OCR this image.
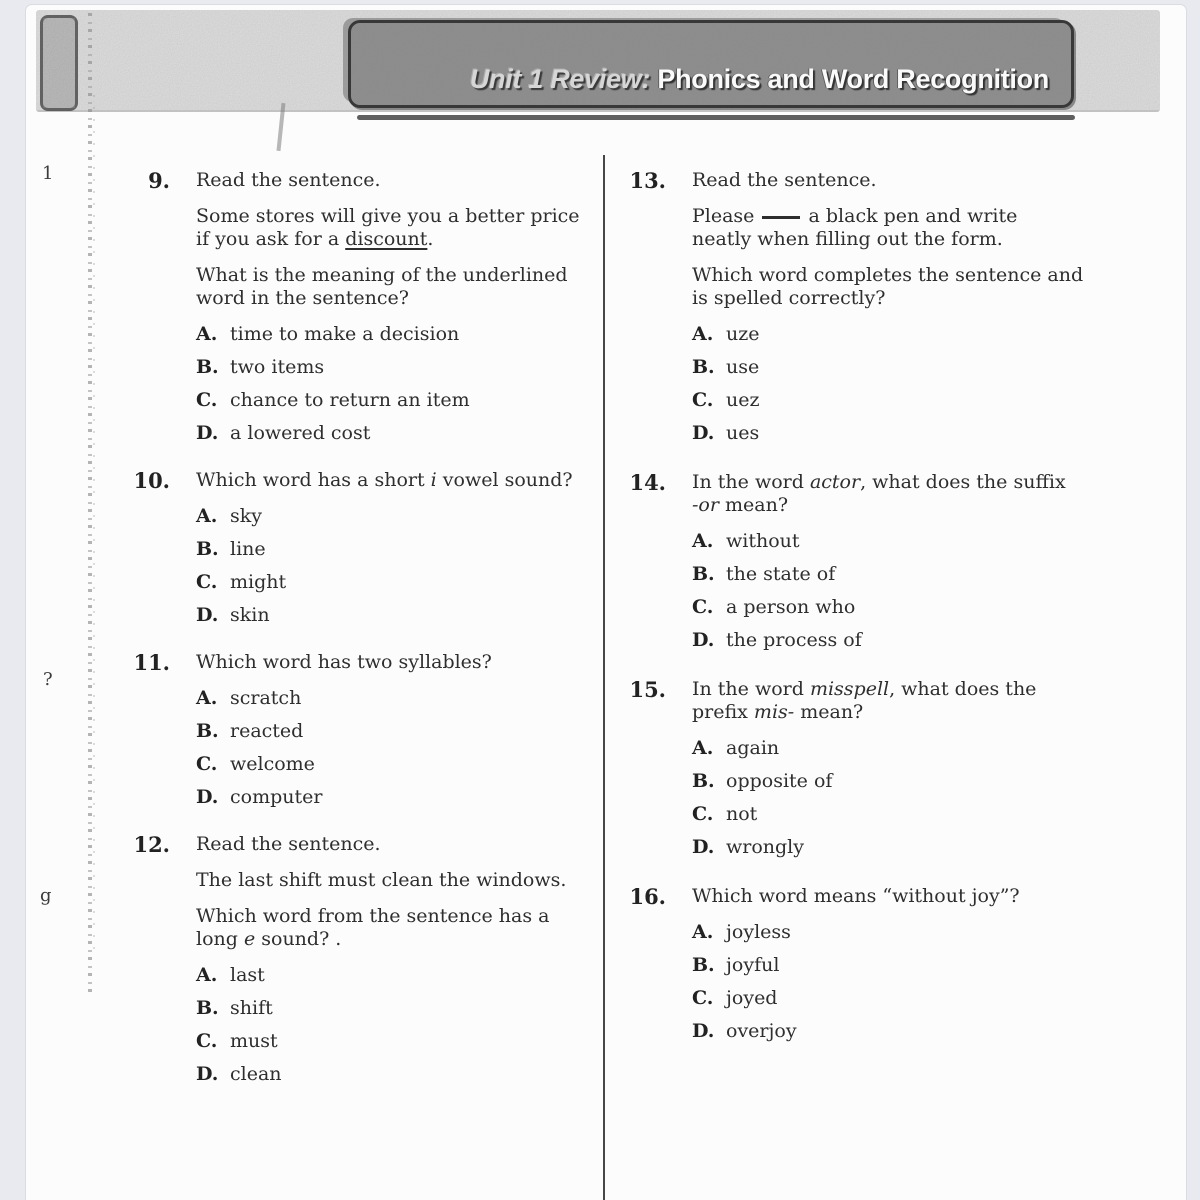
Unit 1 Review: Phonics and Word Recognition
1
?
g
9. Read the sentence.

Some stores will give you a better price
if you ask for a discount.

What is the meaning of the underlined
word in the sentence?

A. time to make a decision
B. two items
C. chance to return an item
D. a lowered cost
10. Which word has a short i vowel sound?

A. sky
B. line
C. might
D. skin
11. Which word has two syllables?

A. scratch
B. reacted
C. welcome
D. computer
12. Read the sentence.

The last shift must clean the windows.

Which word from the sentence has a
long e sound? .

A. last
B. shift
C. must
D. clean
13. Read the sentence.

Please  a black pen and write
neatly when filling out the form.

Which word completes the sentence and
is spelled correctly?

A. uze
B. use
C. uez
D. ues
14. In the word actor, what does the suffix
-or mean?

A. without
B. the state of
C. a person who
D. the process of
15. In the word misspell, what does the
prefix mis- mean?

A. again
B. opposite of
C. not
D. wrongly
16. Which word means “without joy”?

A. joyless
B. joyful
C. joyed
D. overjoy
